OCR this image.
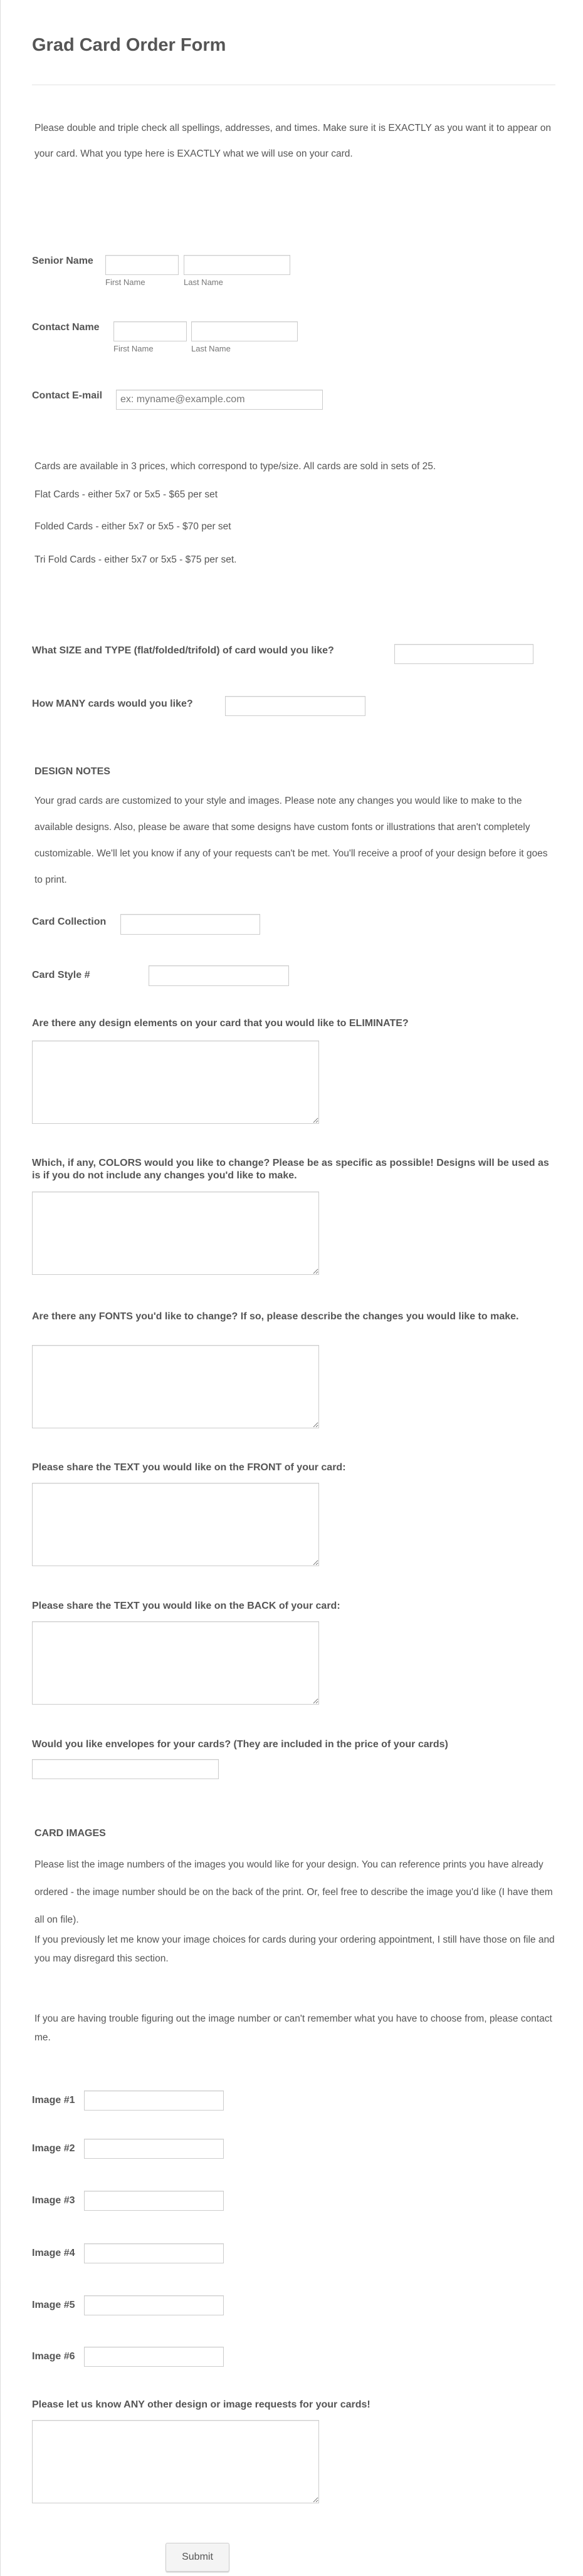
Grad Card Order Form

Please double and triple check all spellings, addresses, and times. Make sure it is EXACTLY as you want it to appear on your card. What you type here is EXACTLY what we will use on your card.

Senior Name
First Name	Last Name
Contact Name
First Name	Last Name
Contact E-mail
ex: myname@example.com

Cards are available in 3 prices, which correspond to type/size. All cards are sold in sets of 25.

Flat Cards - either 5x7 or 5x5 - $65 per set

Folded Cards - either 5x7 or 5x5 - $70 per set

Tri Fold Cards - either 5x7 or 5x5 - $75 per set.

What SIZE and TYPE (flat/folded/trifold) of card would you like?
How MANY cards would you like?
DESIGN NOTES

Your grad cards are customized to your style and images. Please note any changes you would like to make to the available designs. Also, please be aware that some designs have custom fonts or illustrations that aren't completely customizable. We'll let you know if any of your requests can't be met. You'll receive a proof of your design before it goes to print.

Card Collection
Card Style #
Are there any design elements on your card that you would like to ELIMINATE?
Which, if any, COLORS would you like to change? Please be as specific as possible! Designs will be used as is if you do not include any changes you'd like to make.
Are there any FONTS you'd like to change? If so, please describe the changes you would like to make.
Please share the TEXT you would like on the FRONT of your card:
Please share the TEXT you would like on the BACK of your card:
Would you like envelopes for your cards? (They are included in the price of your cards)
CARD IMAGES

Please list the image numbers of the images you would like for your design. You can reference prints you have already ordered - the image number should be on the back of the print. Or, feel free to describe the image you'd like (I have them all on file).

If you previously let me know your image choices for cards during your ordering appointment, I still have those on file and you may disregard this section.

If you are having trouble figuring out the image number or can't remember what you have to choose from, please contact me.

Image #1
Image #2
Image #3
Image #4
Image #5
Image #6
Please let us know ANY other design or image requests for your cards!
Submit
